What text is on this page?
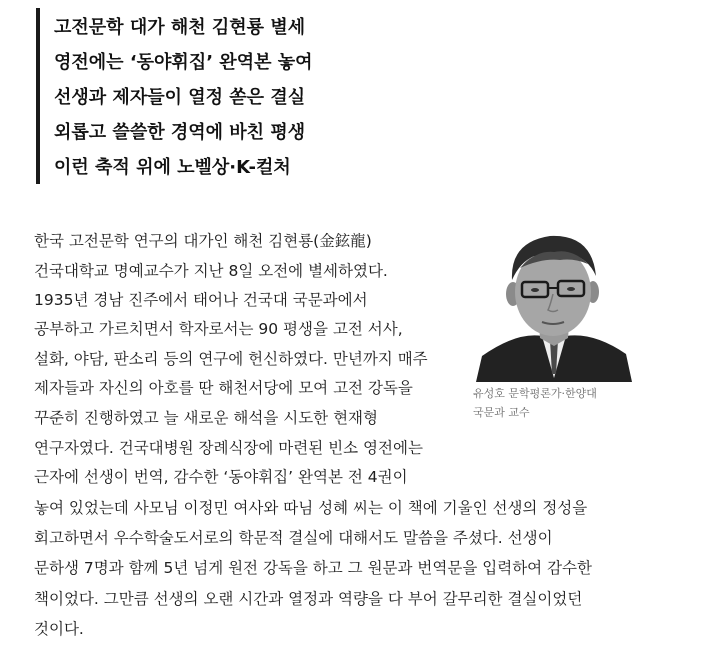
고전문학 대가 해천 김현룡 별세
영전에는 ‘동야휘집’ 완역본 놓여
선생과 제자들이 열정 쏟은 결실
외롭고 쓸쓸한 경역에 바친 평생
이런 축적 위에 노벨상·K-컬처
한국 고전문학 연구의 대가인 해천 김현룡(金鉉龍)
건국대학교 명예교수가 지난 8일 오전에 별세하였다.
1935년 경남 진주에서 태어나 건국대 국문과에서
공부하고 가르치면서 학자로서는 90 평생을 고전 서사,
설화, 야담, 판소리 등의 연구에 헌신하였다. 만년까지 매주
제자들과 자신의 아호를 딴 해천서당에 모여 고전 강독을
꾸준히 진행하였고 늘 새로운 해석을 시도한 현재형
연구자였다. 건국대병원 장례식장에 마련된 빈소 영전에는
근자에 선생이 번역, 감수한 ‘동야휘집’ 완역본 전 4권이
놓여 있었는데 사모님 이정민 여사와 따님 성혜 씨는 이 책에 기울인 선생의 정성을
회고하면서 우수학술도서로의 학문적 결실에 대해서도 말씀을 주셨다. 선생이
문하생 7명과 함께 5년 넘게 원전 강독을 하고 그 원문과 번역문을 입력하여 감수한
책이었다. 그만큼 선생의 오랜 시간과 열정과 역량을 다 부어 갈무리한 결실이었던
것이다.
유성호 문학평론가·한양대
국문과 교수
